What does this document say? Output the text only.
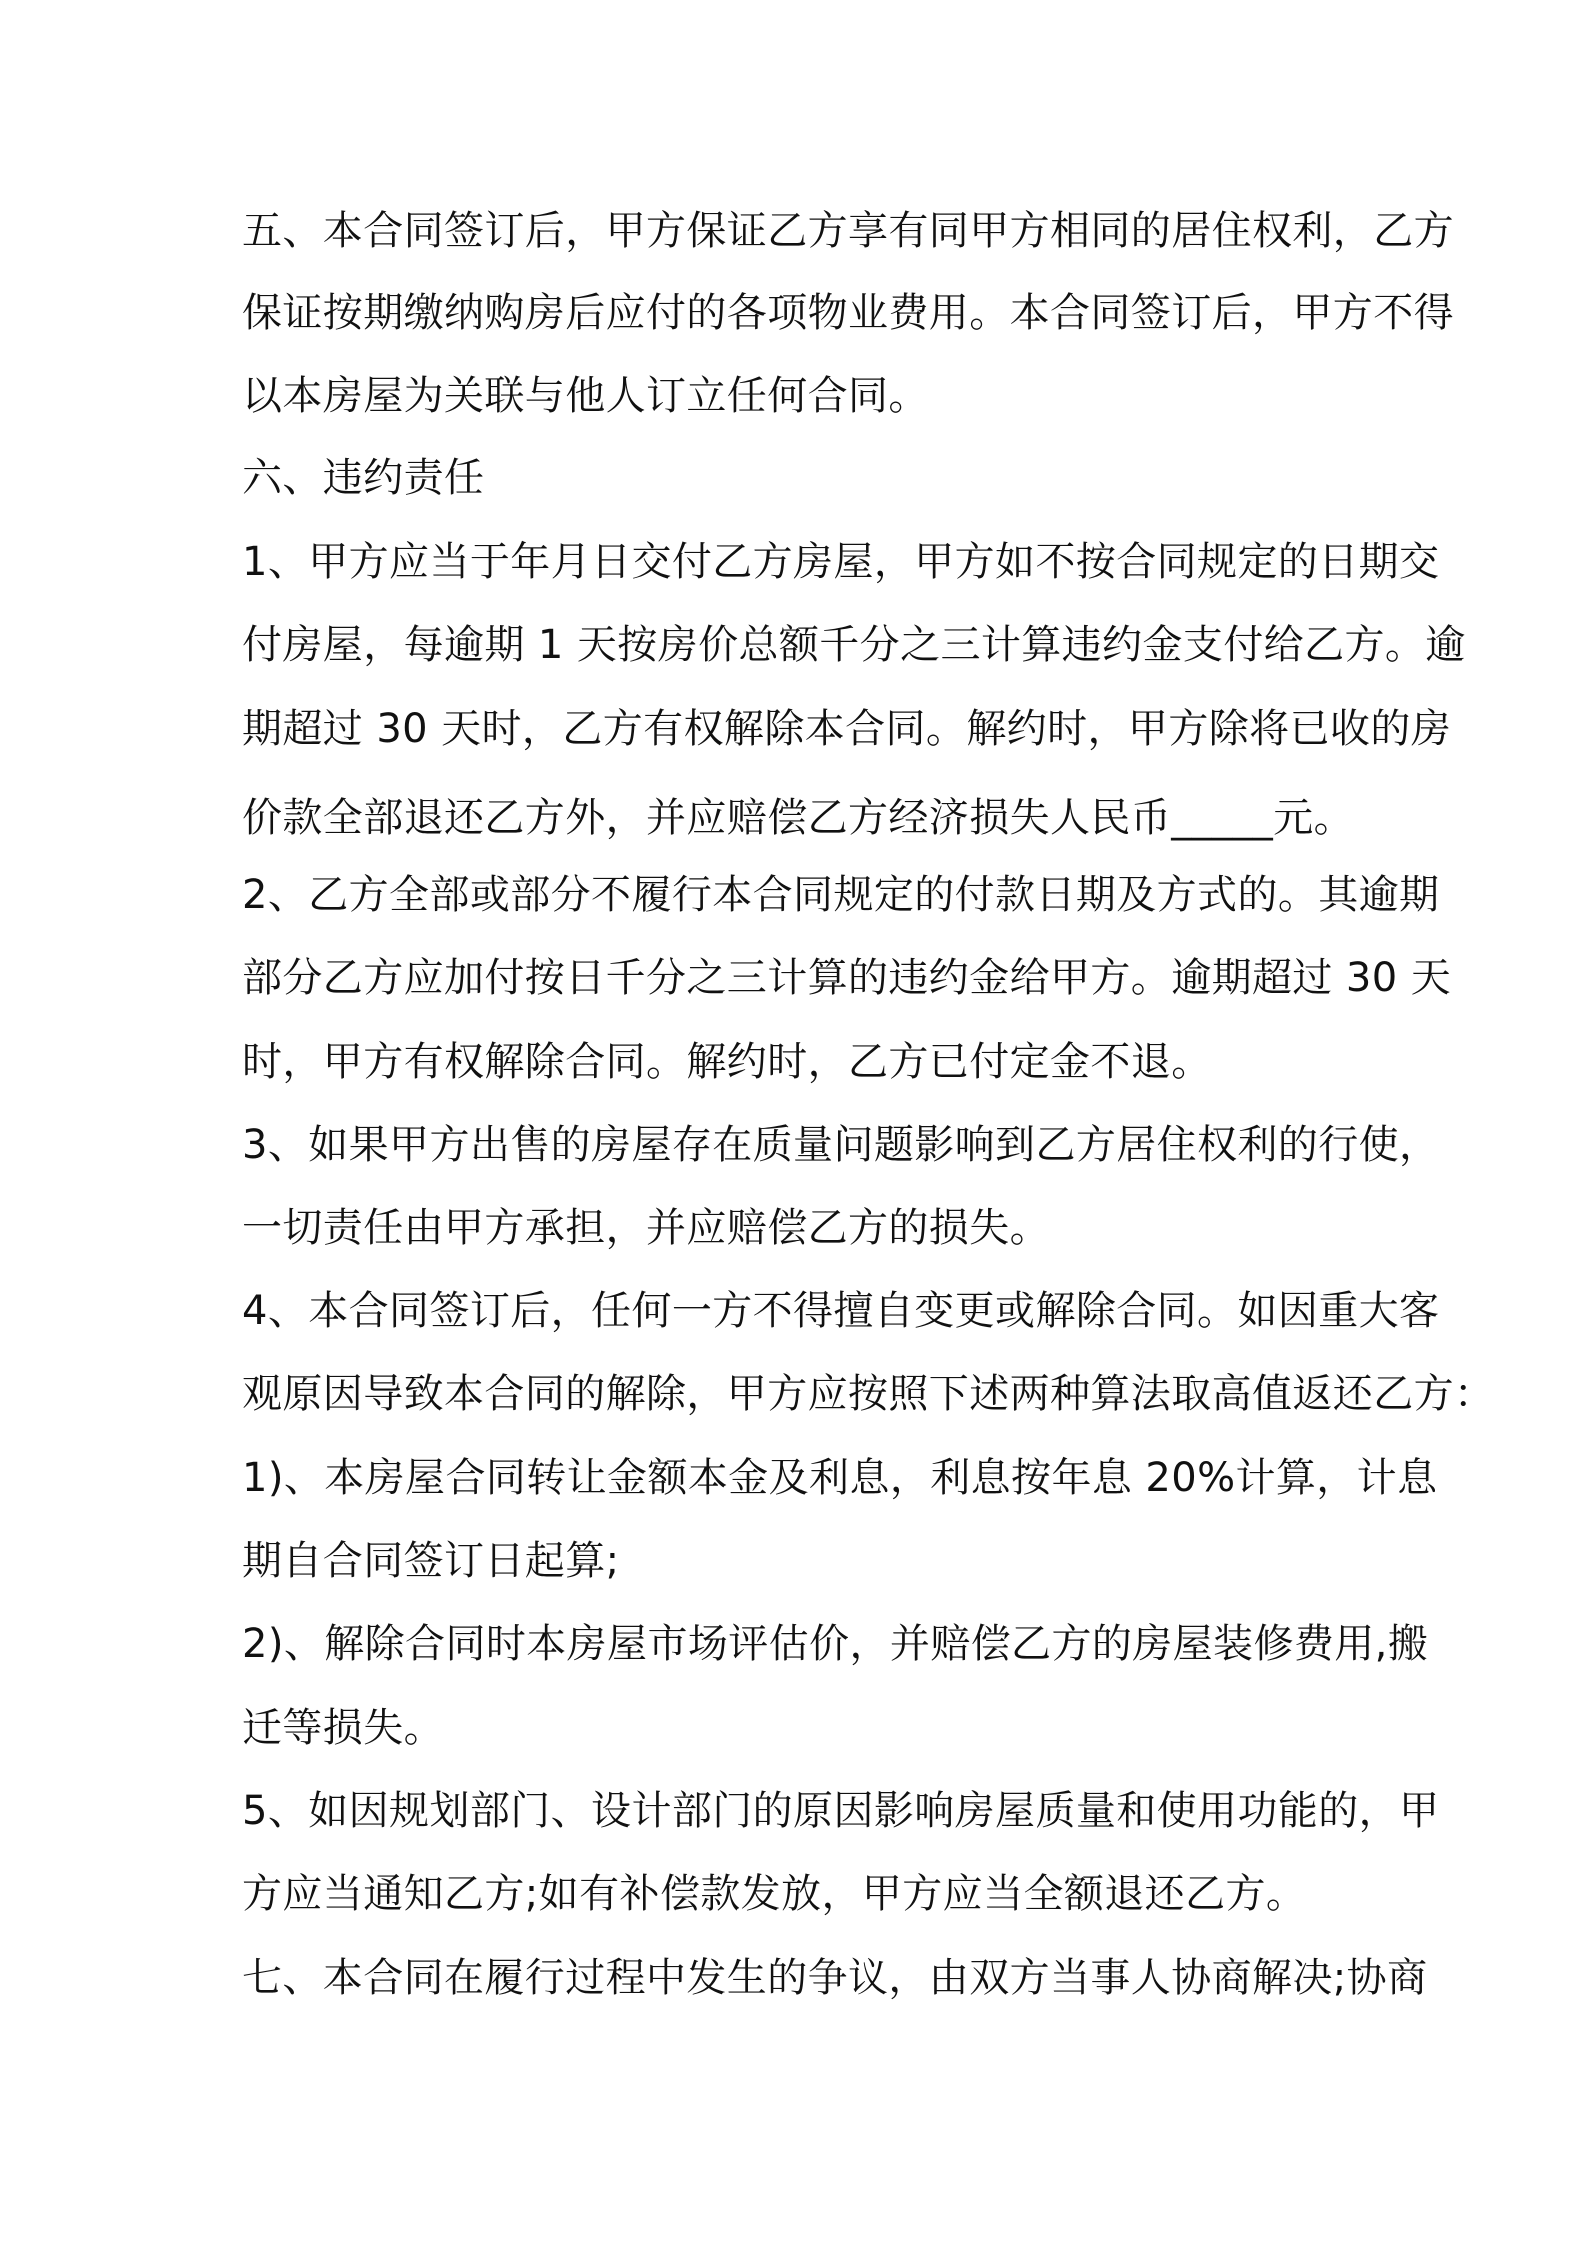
五、本合同签订后，甲方保证乙方享有同甲方相同的居住权利，乙方
保证按期缴纳购房后应付的各项物业费用。本合同签订后，甲方不得
以本房屋为关联与他人订立任何合同。
六、违约责任
1、甲方应当于年月日交付乙方房屋，甲方如不按合同规定的日期交
付房屋，每逾期 1 天按房价总额千分之三计算违约金支付给乙方。逾
期超过 30 天时，乙方有权解除本合同。解约时，甲方除将已收的房
价款全部退还乙方外，并应赔偿乙方经济损失人民币_____元。
2、乙方全部或部分不履行本合同规定的付款日期及方式的。其逾期
部分乙方应加付按日千分之三计算的违约金给甲方。逾期超过 30 天
时，甲方有权解除合同。解约时，乙方已付定金不退。
3、如果甲方出售的房屋存在质量问题影响到乙方居住权利的行使，
一切责任由甲方承担，并应赔偿乙方的损失。
4、本合同签订后，任何一方不得擅自变更或解除合同。如因重大客
观原因导致本合同的解除，甲方应按照下述两种算法取高值返还乙方：
1)、本房屋合同转让金额本金及利息，利息按年息 20%计算，计息
期自合同签订日起算;
2)、解除合同时本房屋市场评估价，并赔偿乙方的房屋装修费用,搬
迁等损失。
5、如因规划部门、设计部门的原因影响房屋质量和使用功能的，甲
方应当通知乙方;如有补偿款发放，甲方应当全额退还乙方。
七、本合同在履行过程中发生的争议，由双方当事人协商解决;协商
